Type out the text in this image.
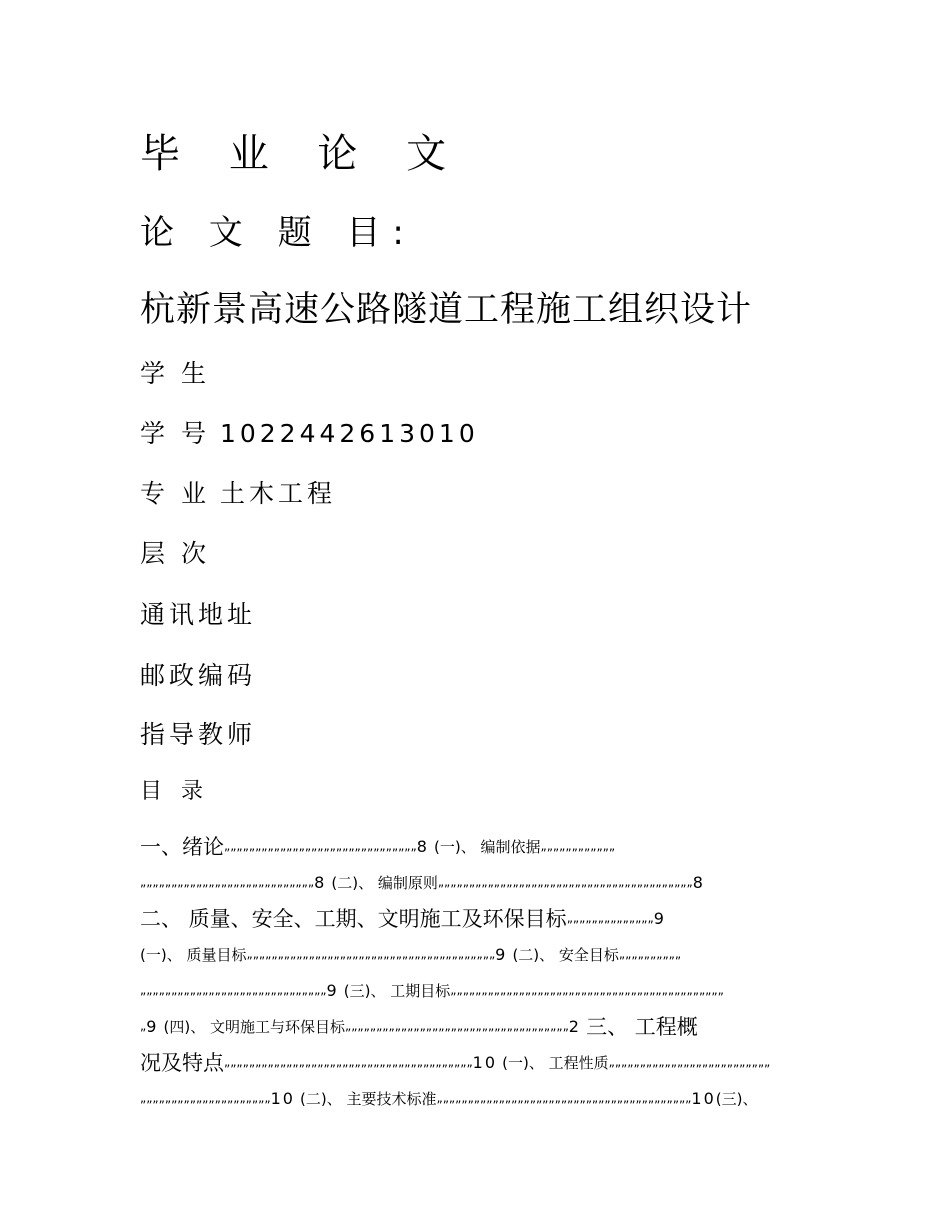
毕 业 论 文
论 文 题 目:
杭新景高速公路隧道工程施工组织设计
学 生
学 号 1022442613010
专 业 土木工程
层 次
通讯地址
邮政编码
指导教师
目 录
一、绪论 „„„„„„„„„„„„„„„„„„„„„„„„„„„„„„„ 8
(一)、 编制依据 „„„„„„„„„„„„
„„„„„„„„„„„„„„„„„„„„„„„„„„„„ 8
(二)、 编制原则 „„„„„„„„„„„„„„„„„„„„„„„„„„„„„„„„„„„„„„„„„ 8
二、 质量、安全、工期、文明施工及环保目标 „„„„„„„„„„„„„„ 9
(一)、 质量目标 „„„„„„„„„„„„„„„„„„„„„„„„„„„„„„„„„„„„„„„„ 9
(二)、 安全目标 „„„„„„„„„„
„„„„„„„„„„„„„„„„„„„„„„„„„„„„„„ 9
(三)、 工期目标 „„„„„„„„„„„„„„„„„„„„„„„„„„„„„„„„„„„„„„„„„„„„
„ 9
(四)、 文明施工与环保目标 „„„„„„„„„„„„„„„„„„„„„„„„„„„„„„„„„„„„ 2
三、 工程概
况及特点 „„„„„„„„„„„„„„„„„„„„„„„„„„„„„„„„„„„„„„„„ 10
(一)、 工程性质 „„„„„„„„„„„„„„„„„„„„„„„„„„
„„„„„„„„„„„„„„„„„„„„„ 10
(二)、 主要技术标准 „„„„„„„„„„„„„„„„„„„„„„„„„„„„„„„„„„„„„„„„„ 10 (三)、
